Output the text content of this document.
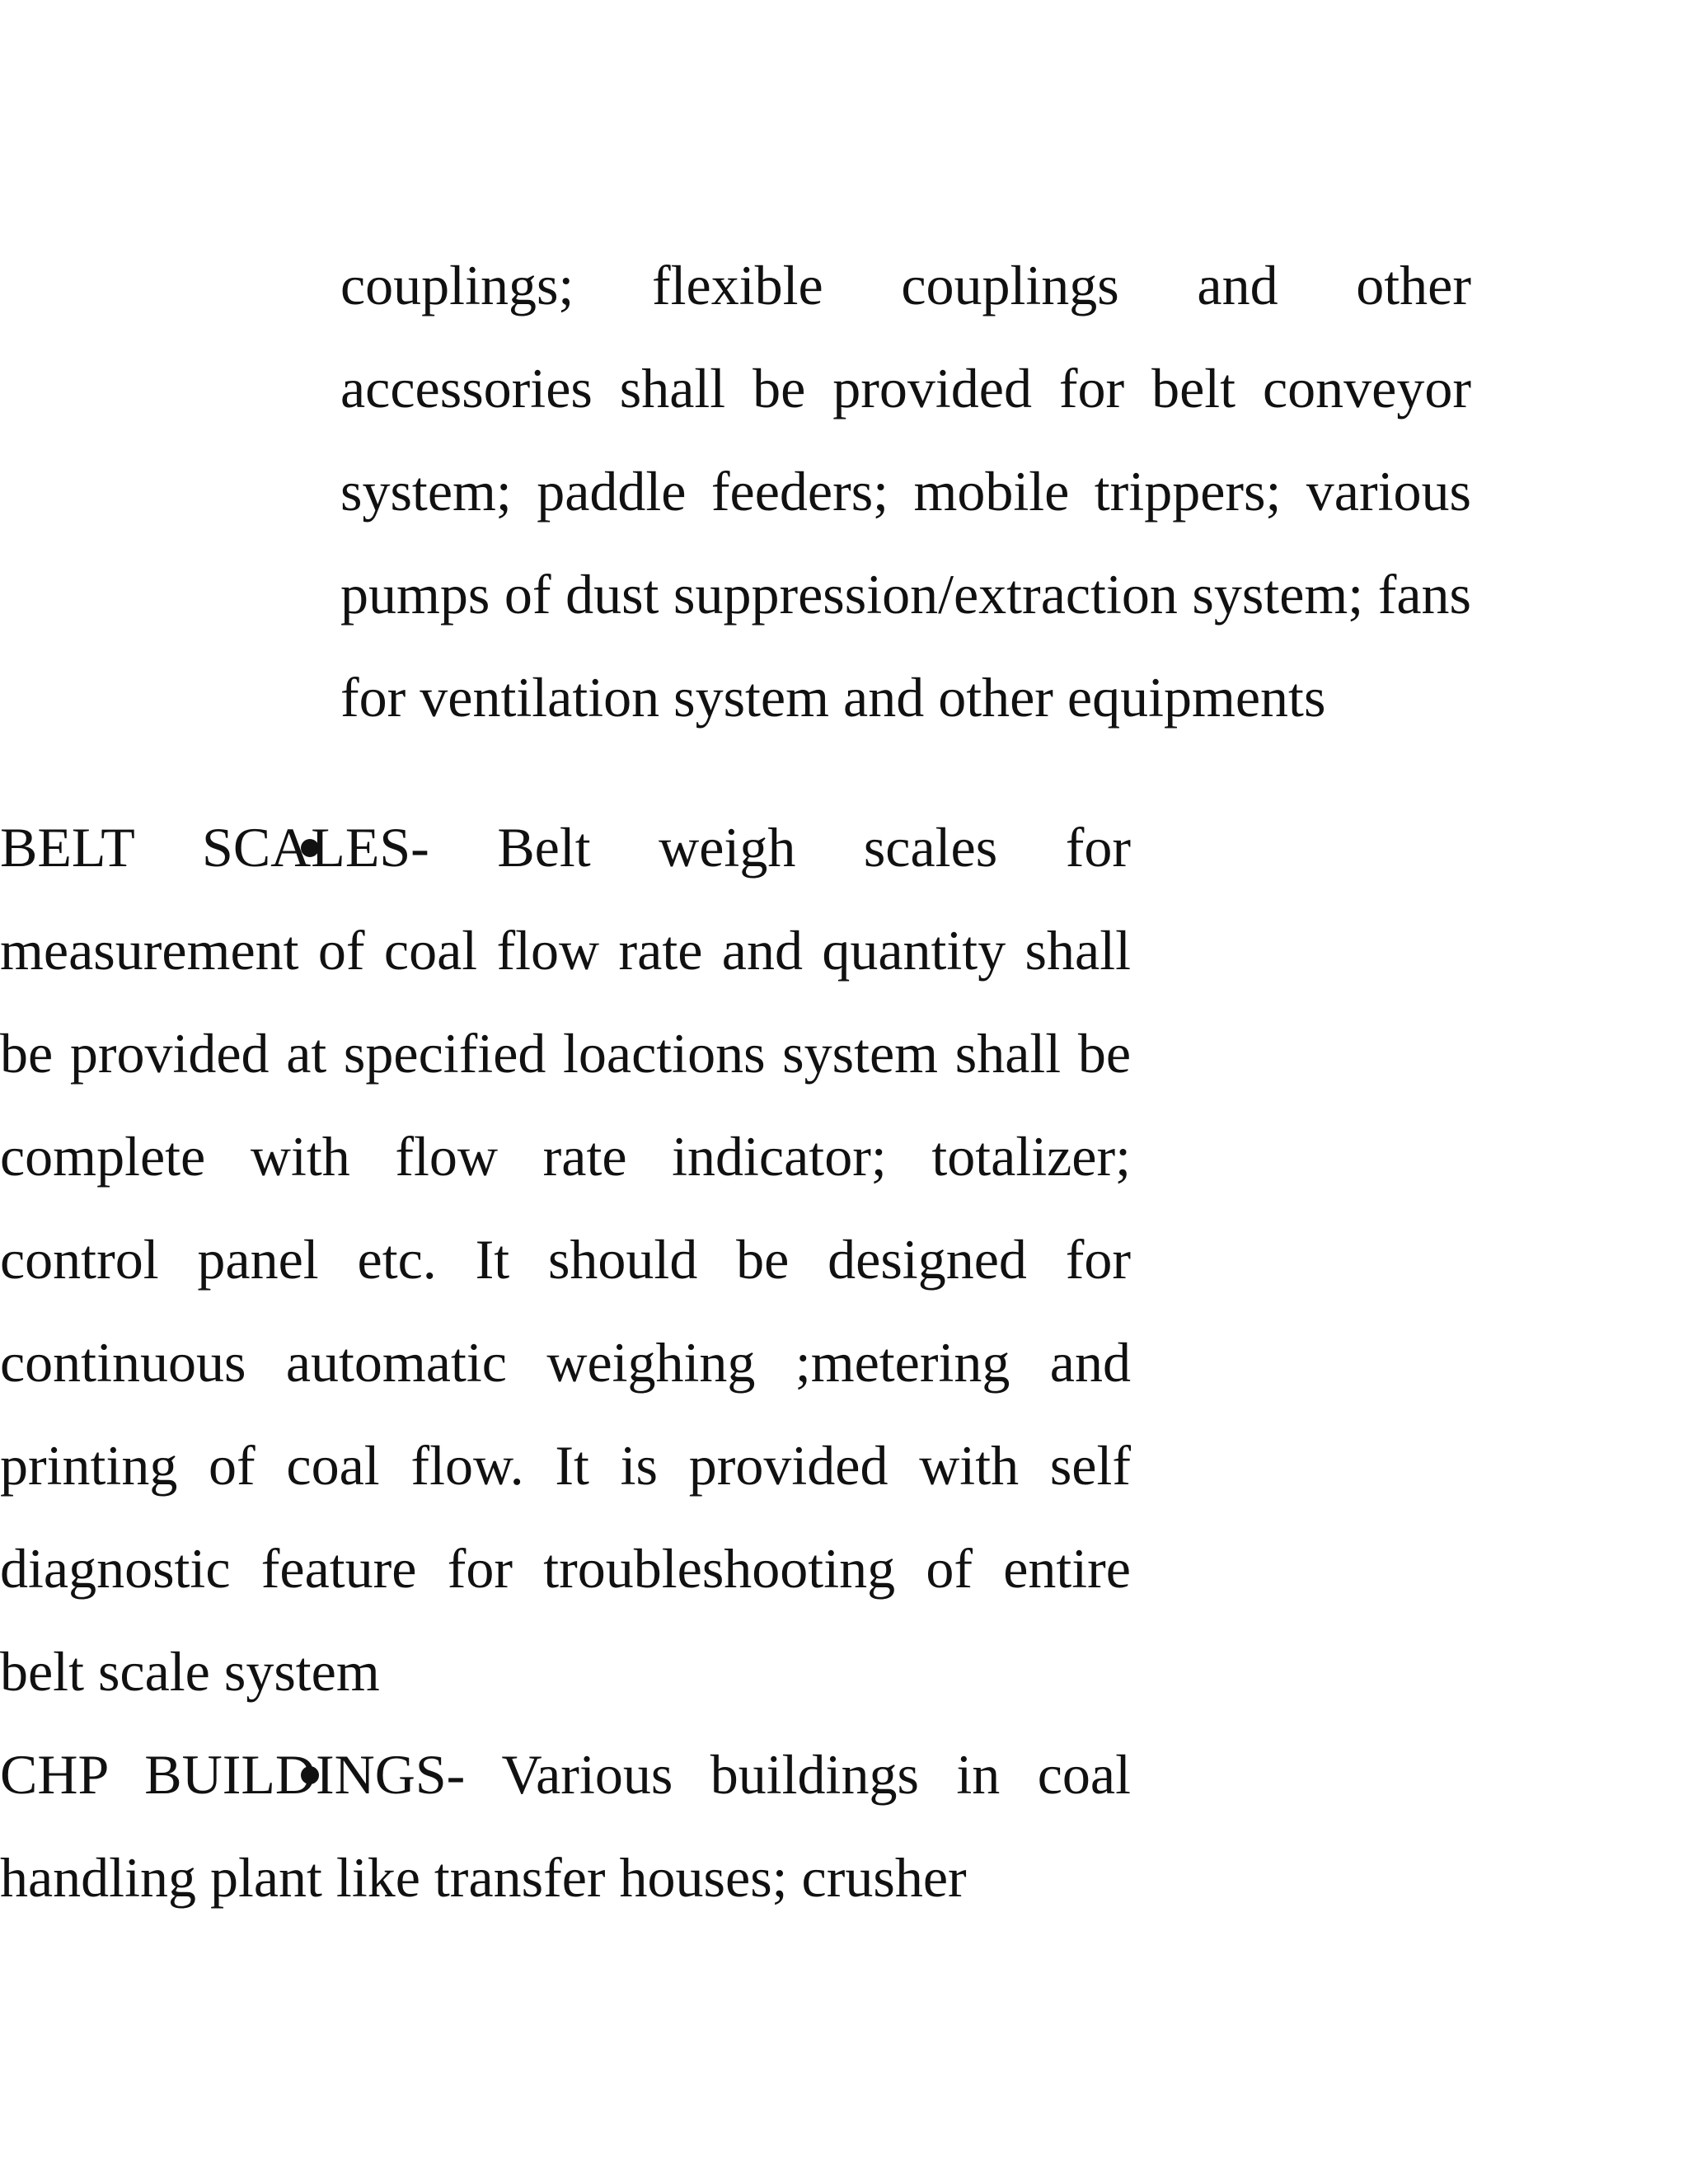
couplings; flexible couplings and other accessories shall be provided for belt conveyor system; paddle feeders; mobile trippers; various pumps of dust suppression/extraction system; fans for ventilation system and other equipments

BELT SCALES- Belt weigh scales for measurement of coal flow rate and quantity shall be provided at specified loactions system shall be complete with flow rate indicator; totalizer; control panel etc. It should be designed for continuous automatic weighing ;metering and printing of coal flow. It is provided with self diagnostic feature for troubleshooting of entire belt scale system

CHP BUILDINGS- Various buildings in coal handling plant like transfer houses; crusher
